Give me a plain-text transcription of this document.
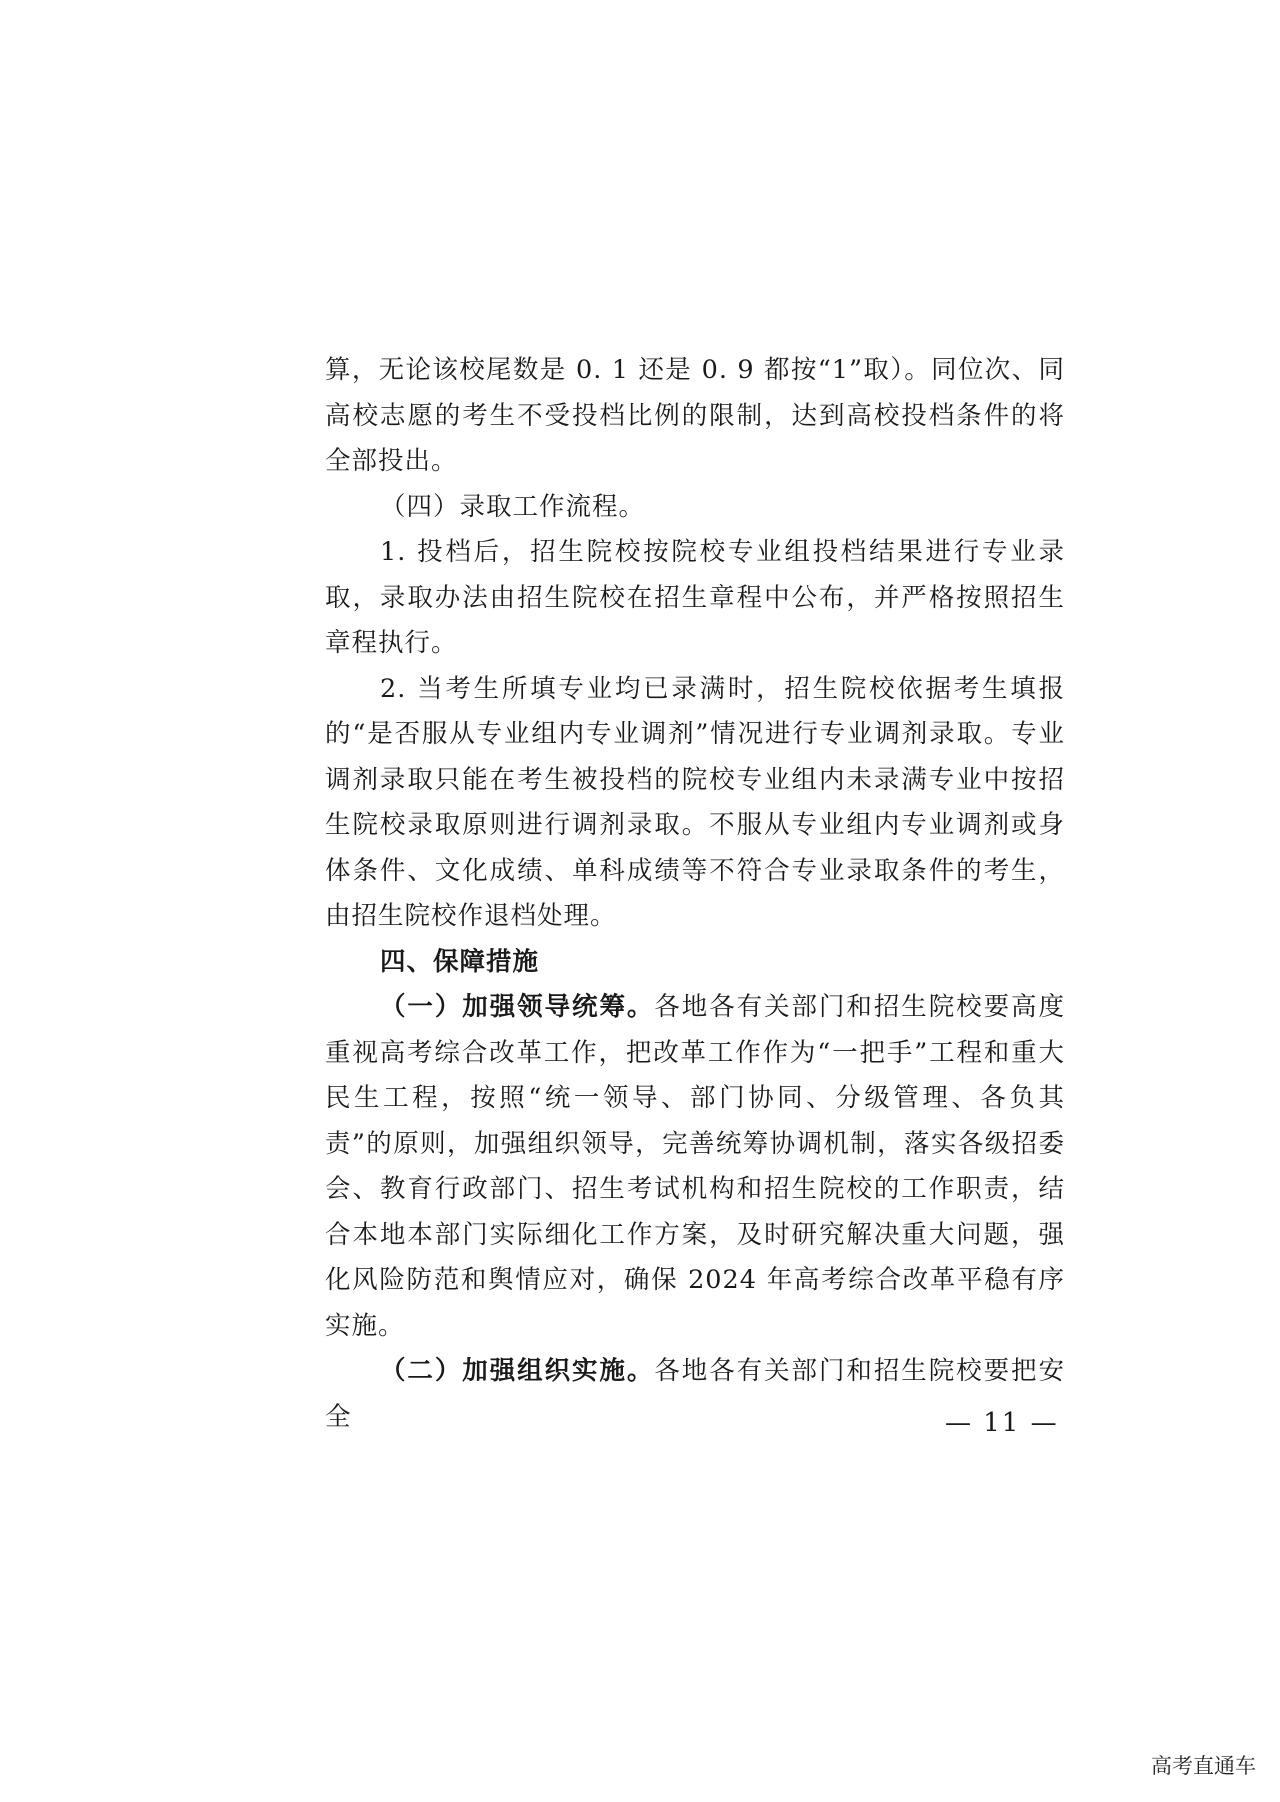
算，无论该校尾数是 0. 1 还是 0. 9 都按“1”取）。同位次、同高校志愿的考生不受投档比例的限制，达到高校投档条件的将全部投出。

（四）录取工作流程。

1. 投档后，招生院校按院校专业组投档结果进行专业录取，录取办法由招生院校在招生章程中公布，并严格按照招生章程执行。

2. 当考生所填专业均已录满时，招生院校依据考生填报的“是否服从专业组内专业调剂”情况进行专业调剂录取。专业调剂录取只能在考生被投档的院校专业组内未录满专业中按招生院校录取原则进行调剂录取。不服从专业组内专业调剂或身体条件、文化成绩、单科成绩等不符合专业录取条件的考生，由招生院校作退档处理。

四、保障措施

（一）加强领导统筹。各地各有关部门和招生院校要高度重视高考综合改革工作，把改革工作作为“一把手”工程和重大民生工程，按照“统一领导、部门协同、分级管理、各负其责”的原则，加强组织领导，完善统筹协调机制，落实各级招委会、教育行政部门、招生考试机构和招生院校的工作职责，结合本地本部门实际细化工作方案，及时研究解决重大问题，强化风险防范和舆情应对，确保 2024 年高考综合改革平稳有序实施。

（二）加强组织实施。各地各有关部门和招生院校要把安全	— 11 —
高考直通车
